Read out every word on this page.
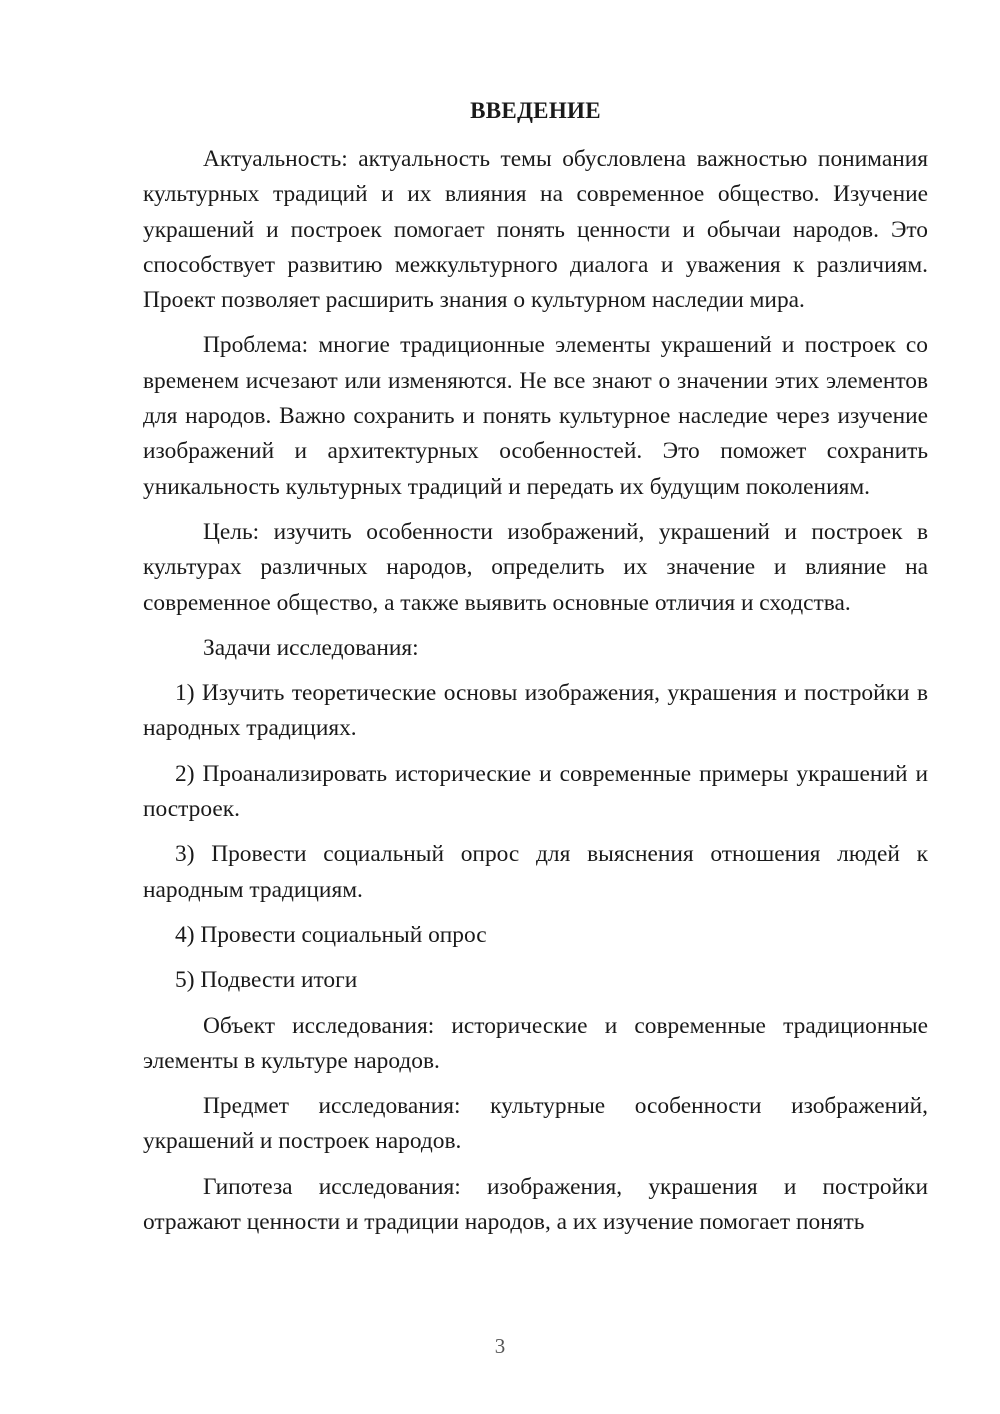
ВВЕДЕНИЕ

Актуальность: актуальность темы обусловлена важностью понимания культурных традиций и их влияния на современное общество. Изучение украшений и построек помогает понять ценности и обычаи народов. Это способствует развитию межкультурного диалога и уважения к различиям. Проект позволяет расширить знания о культурном наследии мира.

Проблема: многие традиционные элементы украшений и построек со временем исчезают или изменяются. Не все знают о значении этих элементов для народов. Важно сохранить и понять культурное наследие через изучение изображений и архитектурных особенностей. Это поможет сохранить уникальность культурных традиций и передать их будущим поколениям.

Цель: изучить особенности изображений, украшений и построек в культурах различных народов, определить их значение и влияние на современное общество, а также выявить основные отличия и сходства.

Задачи исследования:

1) Изучить теоретические основы изображения, украшения и постройки в народных традициях.

2) Проанализировать исторические и современные примеры украшений и построек.

3) Провести социальный опрос для выяснения отношения людей к народным традициям.

4) Провести социальный опрос

5) Подвести итоги

Объект исследования: исторические и современные традиционные элементы в культуре народов.

Предмет исследования: культурные особенности изображений, украшений и построек народов.

Гипотеза исследования: изображения, украшения и постройки отражают ценности и традиции народов, а их изучение помогает понять

3
